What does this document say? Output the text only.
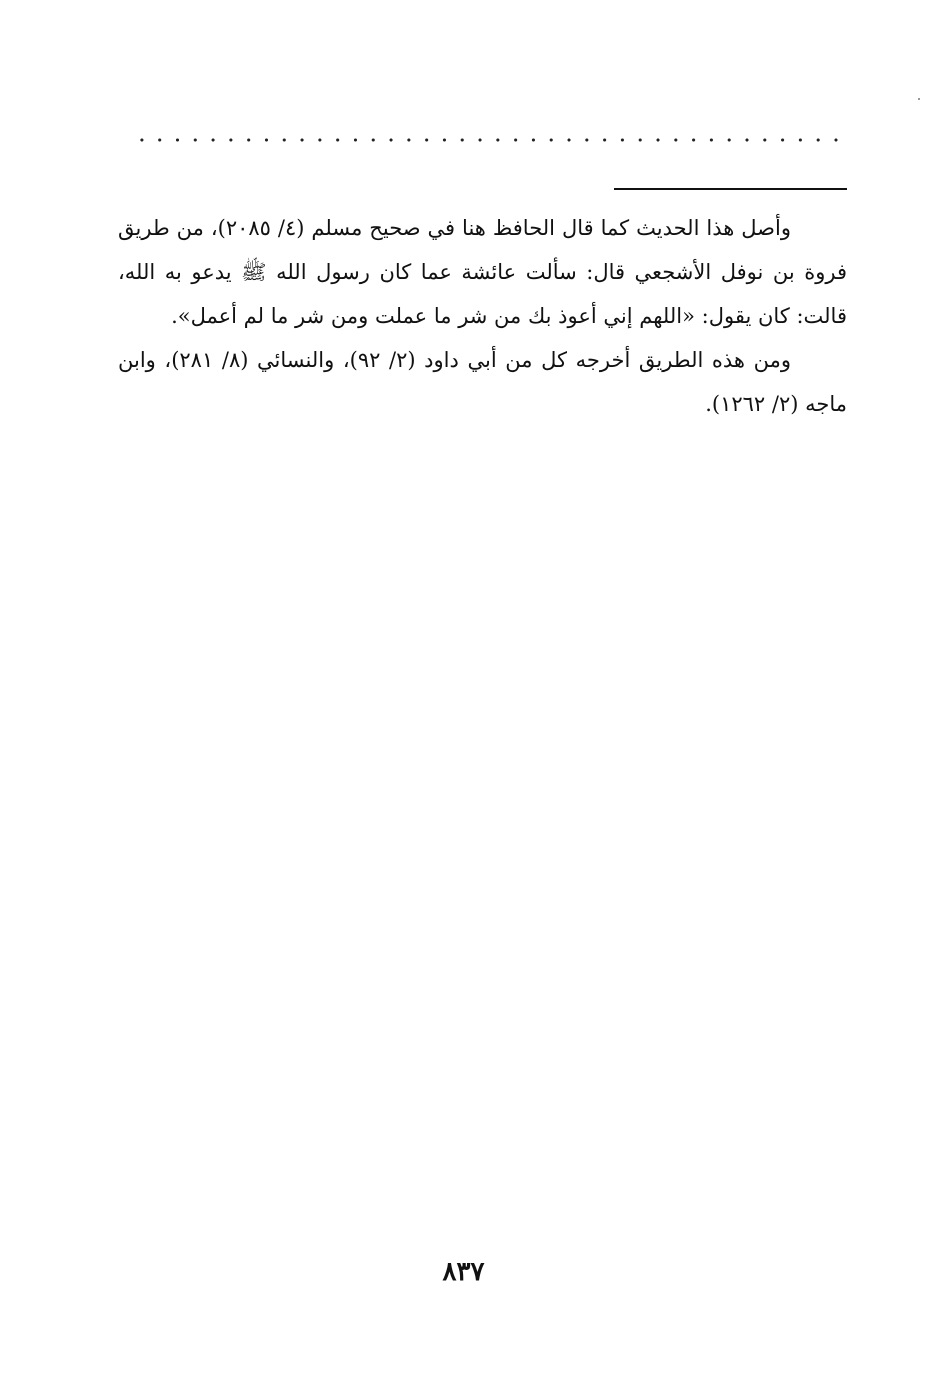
وأصل هذا الحديث كما قال الحافظ هنا في صحيح مسلم (٤/ ٢٠٨٥)، من طريق فروة بن نوفل الأشجعي قال: سألت عائشة عما كان رسول الله ﷺ يدعو به الله، قالت: كان يقول: «اللهم إني أعوذ بك من شر ما عملت ومن شر ما لم أعمل».

ومن هذه الطريق أخرجه كل من أبي داود (٢/ ٩٢)، والنسائي (٨/ ٢٨١)، وابن ماجه (٢/ ١٢٦٢).

٨٣٧
